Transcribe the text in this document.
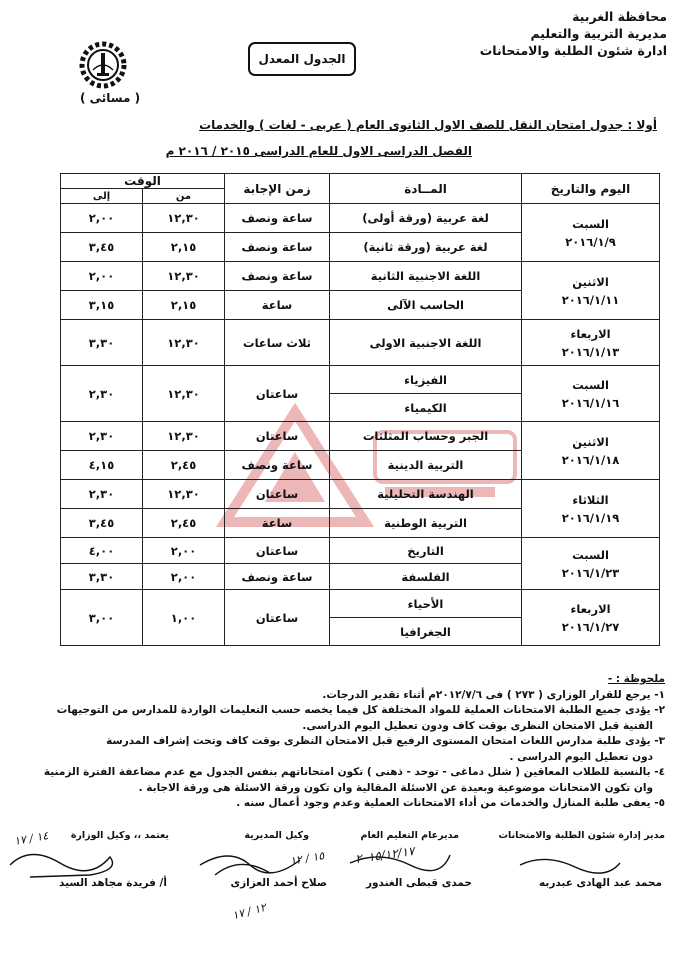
محافظة الغربية
مديرية التربية والتعليم
ادارة شئون الطلبة والامتحانات
الجدول المعدل
( مسائى )
أولا : جدول امتحان النقل للصف الاول الثانوى العام ( عربى - لغات ) والخدمات
الفصل الدراسى الاول للعام الدراسى ٢٠١٥ / ٢٠١٦ م
اليوم والتاريخ	المــادة	زمن الإجابة	الوقت	
			من	إلى

السبت
٢٠١٦/١/٩	لغة عربية (ورقة أولى)	ساعة ونصف	١٢,٣٠	٢,٠٠
	لغة عربية (ورقة ثانية)	ساعة ونصف	٢,١٥	٣,٤٥

الاثنين
٢٠١٦/١/١١	اللغة الاجنبية الثانية	ساعة ونصف	١٢,٣٠	٢,٠٠
	الحاسب الآلى	ساعة	٢,١٥	٣,١٥

الاربعاء
٢٠١٦/١/١٣	اللغة الاجنبية الاولى	ثلاث ساعات	١٢,٣٠	٣,٣٠

السبت
٢٠١٦/١/١٦	الفيزياء	ساعتان	١٢,٣٠	٢,٣٠
	الكيمياء			

الاثنين
٢٠١٦/١/١٨	الجبر وحساب المثلثات	ساعتان	١٢,٣٠	٢,٣٠
	التربية الدينية	ساعة ونصف	٢,٤٥	٤,١٥

الثلاثاء
٢٠١٦/١/١٩	الهندسة التحليلية	ساعتان	١٢,٣٠	٢,٣٠
	التربية الوطنية	ساعة	٢,٤٥	٣,٤٥

السبت
٢٠١٦/١/٢٣	التاريخ	ساعتان	٢,٠٠	٤,٠٠
	الفلسفة	ساعة ونصف	٢,٠٠	٣,٣٠

الاربعاء
٢٠١٦/١/٢٧	الأحياء	ساعتان	١,٠٠	٣,٠٠
	الجغرافيا			
ملحوظة : -
١- يرجع للقرار الوزارى ( ٢٧٣ ) فى ٢٠١٢/٧/٦م أثناء تقدير الدرجات.
٢- يؤدى جميع الطلبة الامتحانات العملية للمواد المختلفة كل فيما يخصه حسب التعليمات الواردة للمدارس من التوجيهات
الفنية قبل الامتحان النظرى بوقت كاف ودون تعطيل اليوم الدراسى.
٣- يؤدى طلبة مدارس اللغات امتحان المستوى الرفيع قبل الامتحان النظرى بوقت كاف وتحت إشراف المدرسة
دون تعطيل اليوم الدراسى .
٤- بالنسبة للطلاب المعاقين ( شلل دماغى - توحد - ذهنى ) تكون امتحاناتهم بنفس الجدول مع عدم مضاعفة الفترة الزمنية
وان تكون الامتحانات موضوعية وبعيدة عن الاسئلة المقالية وان تكون ورقة الاسئلة هى ورقة الاجابة .
٥- يعفى طلبة المنازل والخدمات من أداء الامتحانات العملية وعدم وجود أعمال سنه .
مدير إدارة شئون الطلبة والامتحانات
مديرعام التعليم العام
وكيل المديرية
يعتمد ،، وكيل الوزارة
٢٠١٥/١٢/١٧
١٥ / ١٢
١٢ / ١٧
١٤ / ١٧
محمد عبد الهادى عبدربه
حمدى قبطى الغندور
صلاح أحمد العزازى
أ/ فريدة مجاهد السيد
